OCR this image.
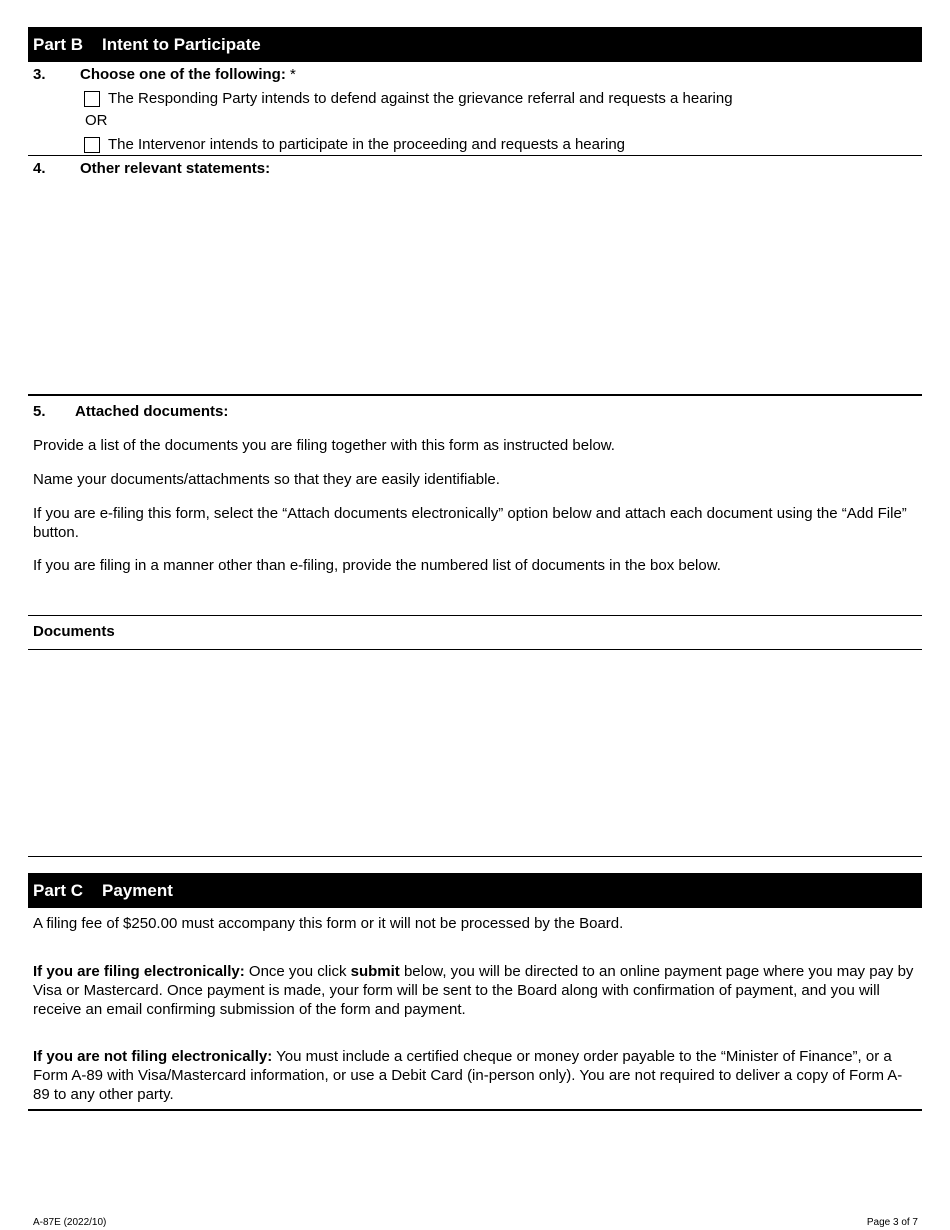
Part B Intent to Participate
3. Choose one of the following: *
The Responding Party intends to defend against the grievance referral and requests a hearing
OR
The Intervenor intends to participate in the proceeding and requests a hearing
4. Other relevant statements:
5. Attached documents:
Provide a list of the documents you are filing together with this form as instructed below.
Name your documents/attachments so that they are easily identifiable.
If you are e-filing this form, select the “Attach documents electronically” option below and attach each document using the “Add File” button.
If you are filing in a manner other than e-filing, provide the numbered list of documents in the box below.
Documents
Part C Payment
A filing fee of $250.00 must accompany this form or it will not be processed by the Board.
If you are filing electronically: Once you click submit below, you will be directed to an online payment page where you may pay by Visa or Mastercard. Once payment is made, your form will be sent to the Board along with confirmation of payment, and you will receive an email confirming submission of the form and payment.
If you are not filing electronically: You must include a certified cheque or money order payable to the “Minister of Finance”, or a Form A-89 with Visa/Mastercard information, or use a Debit Card (in-person only). You are not required to deliver a copy of Form A-89 to any other party.
A-87E (2022/10)	Page 3 of 7
